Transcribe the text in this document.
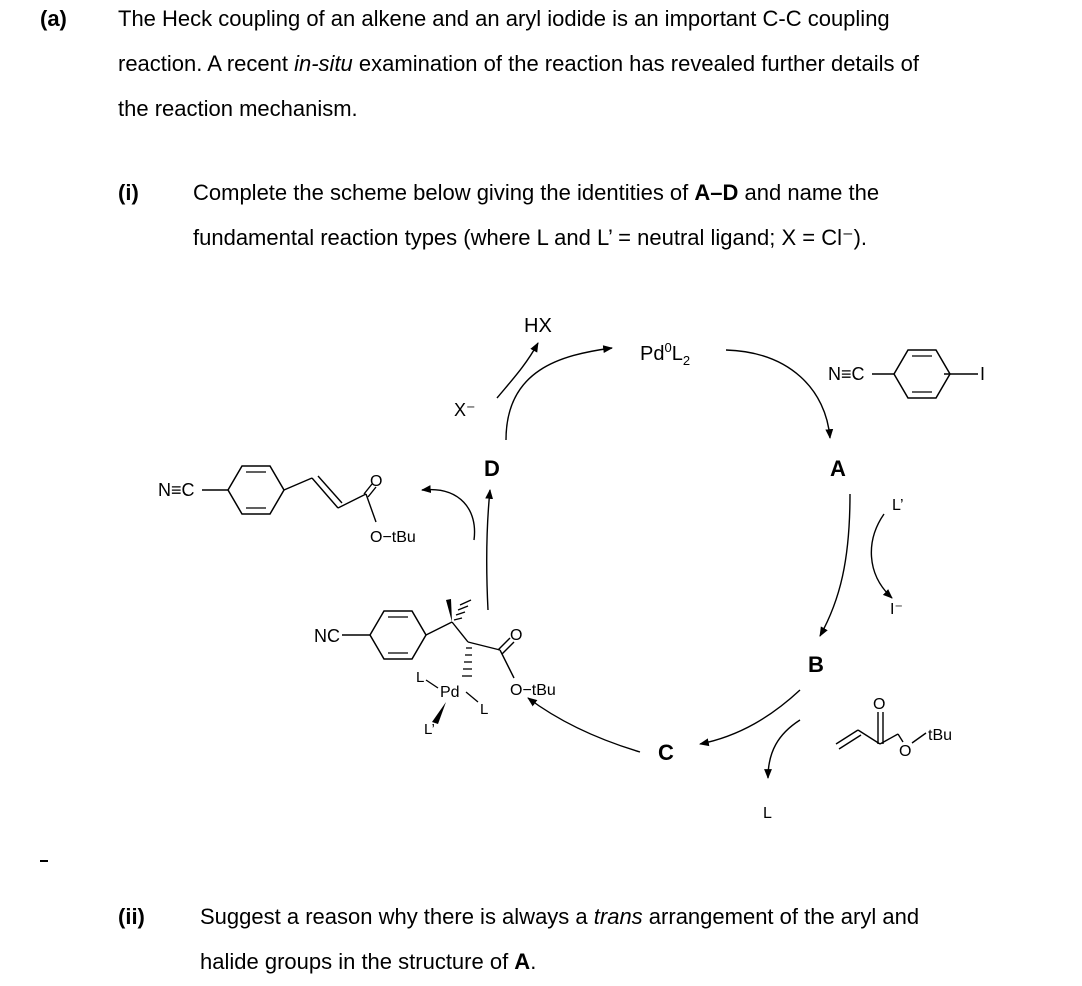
(a) The Heck coupling of an alkene and an aryl iodide is an important C-C coupling
reaction. A recent in-situ examination of the reaction has revealed further details of
the reaction mechanism.
(i) Complete the scheme below giving the identities of A–D and name the
fundamental reaction types (where L and L’ = neutral ligand; X = Cl⁻).
HX
X⁻
$Pd^0L_2$
N≡C	I
A
L’
I⁻
B
L
C
O
O
tBu
NC	O
O−tBu
Pd
L
L
L’
D
N≡C	O
O−tBu
(ii)	Suggest a reason why there is always a trans arrangement of the aryl and
halide groups in the structure of A.
